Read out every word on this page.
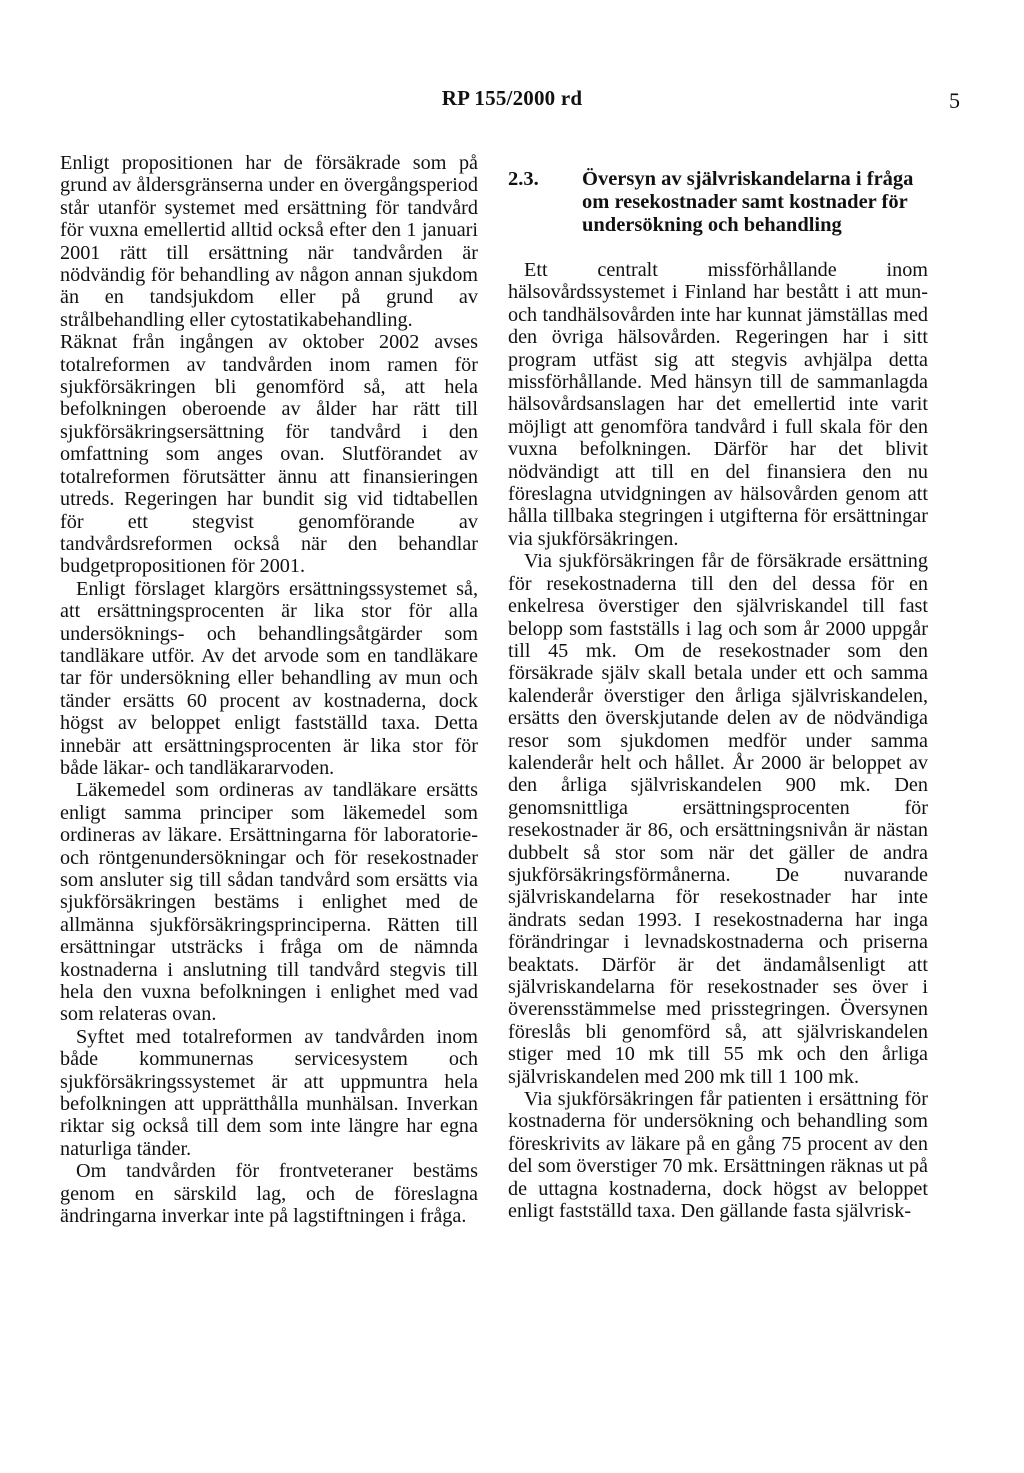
RP 155/2000 rd	5

Enligt propositionen har de försäkrade som på grund av åldersgränserna under en övergångsperiod står utanför systemet med ersättning för tandvård för vuxna emellertid alltid också efter den 1 januari 2001 rätt till ersättning när tandvården är nödvändig för behandling av någon annan sjukdom än en tandsjukdom eller på grund av strålbehandling eller cytostatikabehandling.

Räknat från ingången av oktober 2002 avses totalreformen av tandvården inom ramen för sjukförsäkringen bli genomförd så, att hela befolkningen oberoende av ålder har rätt till sjukförsäkringsersättning för tandvård i den omfattning som anges ovan. Slutförandet av totalreformen förutsätter ännu att finansieringen utreds. Regeringen har bundit sig vid tidtabellen för ett stegvist genomförande av tandvårdsreformen också när den behandlar budgetpropositionen för 2001.

Enligt förslaget klargörs ersättningssystemet så, att ersättningsprocenten är lika stor för alla undersöknings- och behandlingsåtgärder som tandläkare utför. Av det arvode som en tandläkare tar för undersökning eller behandling av mun och tänder ersätts 60 procent av kostnaderna, dock högst av beloppet enligt fastställd taxa. Detta innebär att ersättningsprocenten är lika stor för både läkar- och tandläkararvoden.

Läkemedel som ordineras av tandläkare ersätts enligt samma principer som läkemedel som ordineras av läkare. Ersättningarna för laboratorie- och röntgenundersökningar och för resekostnader som ansluter sig till sådan tandvård som ersätts via sjukförsäkringen bestäms i enlighet med de allmänna sjukförsäkringsprinciperna. Rätten till ersättningar utsträcks i fråga om de nämnda kostnaderna i anslutning till tandvård stegvis till hela den vuxna befolkningen i enlighet med vad som relateras ovan.

Syftet med totalreformen av tandvården inom både kommunernas servicesystem och sjukförsäkringssystemet är att uppmuntra hela befolkningen att upprätthålla munhälsan. Inverkan riktar sig också till dem som inte längre har egna naturliga tänder.

Om tandvården för frontveteraner bestäms genom en särskild lag, och de föreslagna ändringarna inverkar inte på lagstiftningen i fråga.

2.3.	Översyn av självriskandelarna i fråga om resekostnader samt kostnader för undersökning och behandling

Ett centralt missförhållande inom hälsovårdssystemet i Finland har bestått i att mun- och tandhälsovården inte har kunnat jämställas med den övriga hälsovården. Regeringen har i sitt program utfäst sig att stegvis avhjälpa detta missförhållande. Med hänsyn till de sammanlagda hälsovårdsanslagen har det emellertid inte varit möjligt att genomföra tandvård i full skala för den vuxna befolkningen. Därför har det blivit nödvändigt att till en del finansiera den nu föreslagna utvidgningen av hälsovården genom att hålla tillbaka stegringen i utgifterna för ersättningar via sjukförsäkringen.

Via sjukförsäkringen får de försäkrade ersättning för resekostnaderna till den del dessa för en enkelresa överstiger den självriskandel till fast belopp som fastställs i lag och som år 2000 uppgår till 45 mk. Om de resekostnader som den försäkrade själv skall betala under ett och samma kalenderår överstiger den årliga självriskandelen, ersätts den överskjutande delen av de nödvändiga resor som sjukdomen medför under samma kalenderår helt och hållet. År 2000 är beloppet av den årliga självriskandelen 900 mk. Den genomsnittliga ersättningsprocenten för resekostnader är 86, och ersättningsnivån är nästan dubbelt så stor som när det gäller de andra sjukförsäkringsförmånerna. De nuvarande självriskandelarna för resekostnader har inte ändrats sedan 1993. I resekostnaderna har inga förändringar i levnadskostnaderna och priserna beaktats. Därför är det ändamålsenligt att självriskandelarna för resekostnader ses över i överensstämmelse med prisstegringen. Översynen föreslås bli genomförd så, att självriskandelen stiger med 10 mk till 55 mk och den årliga självriskandelen med 200 mk till 1 100 mk.

Via sjukförsäkringen får patienten i ersättning för kostnaderna för undersökning och behandling som föreskrivits av läkare på en gång 75 procent av den del som överstiger 70 mk. Ersättningen räknas ut på de uttagna kostnaderna, dock högst av beloppet enligt fastställd taxa. Den gällande fasta självrisk-
